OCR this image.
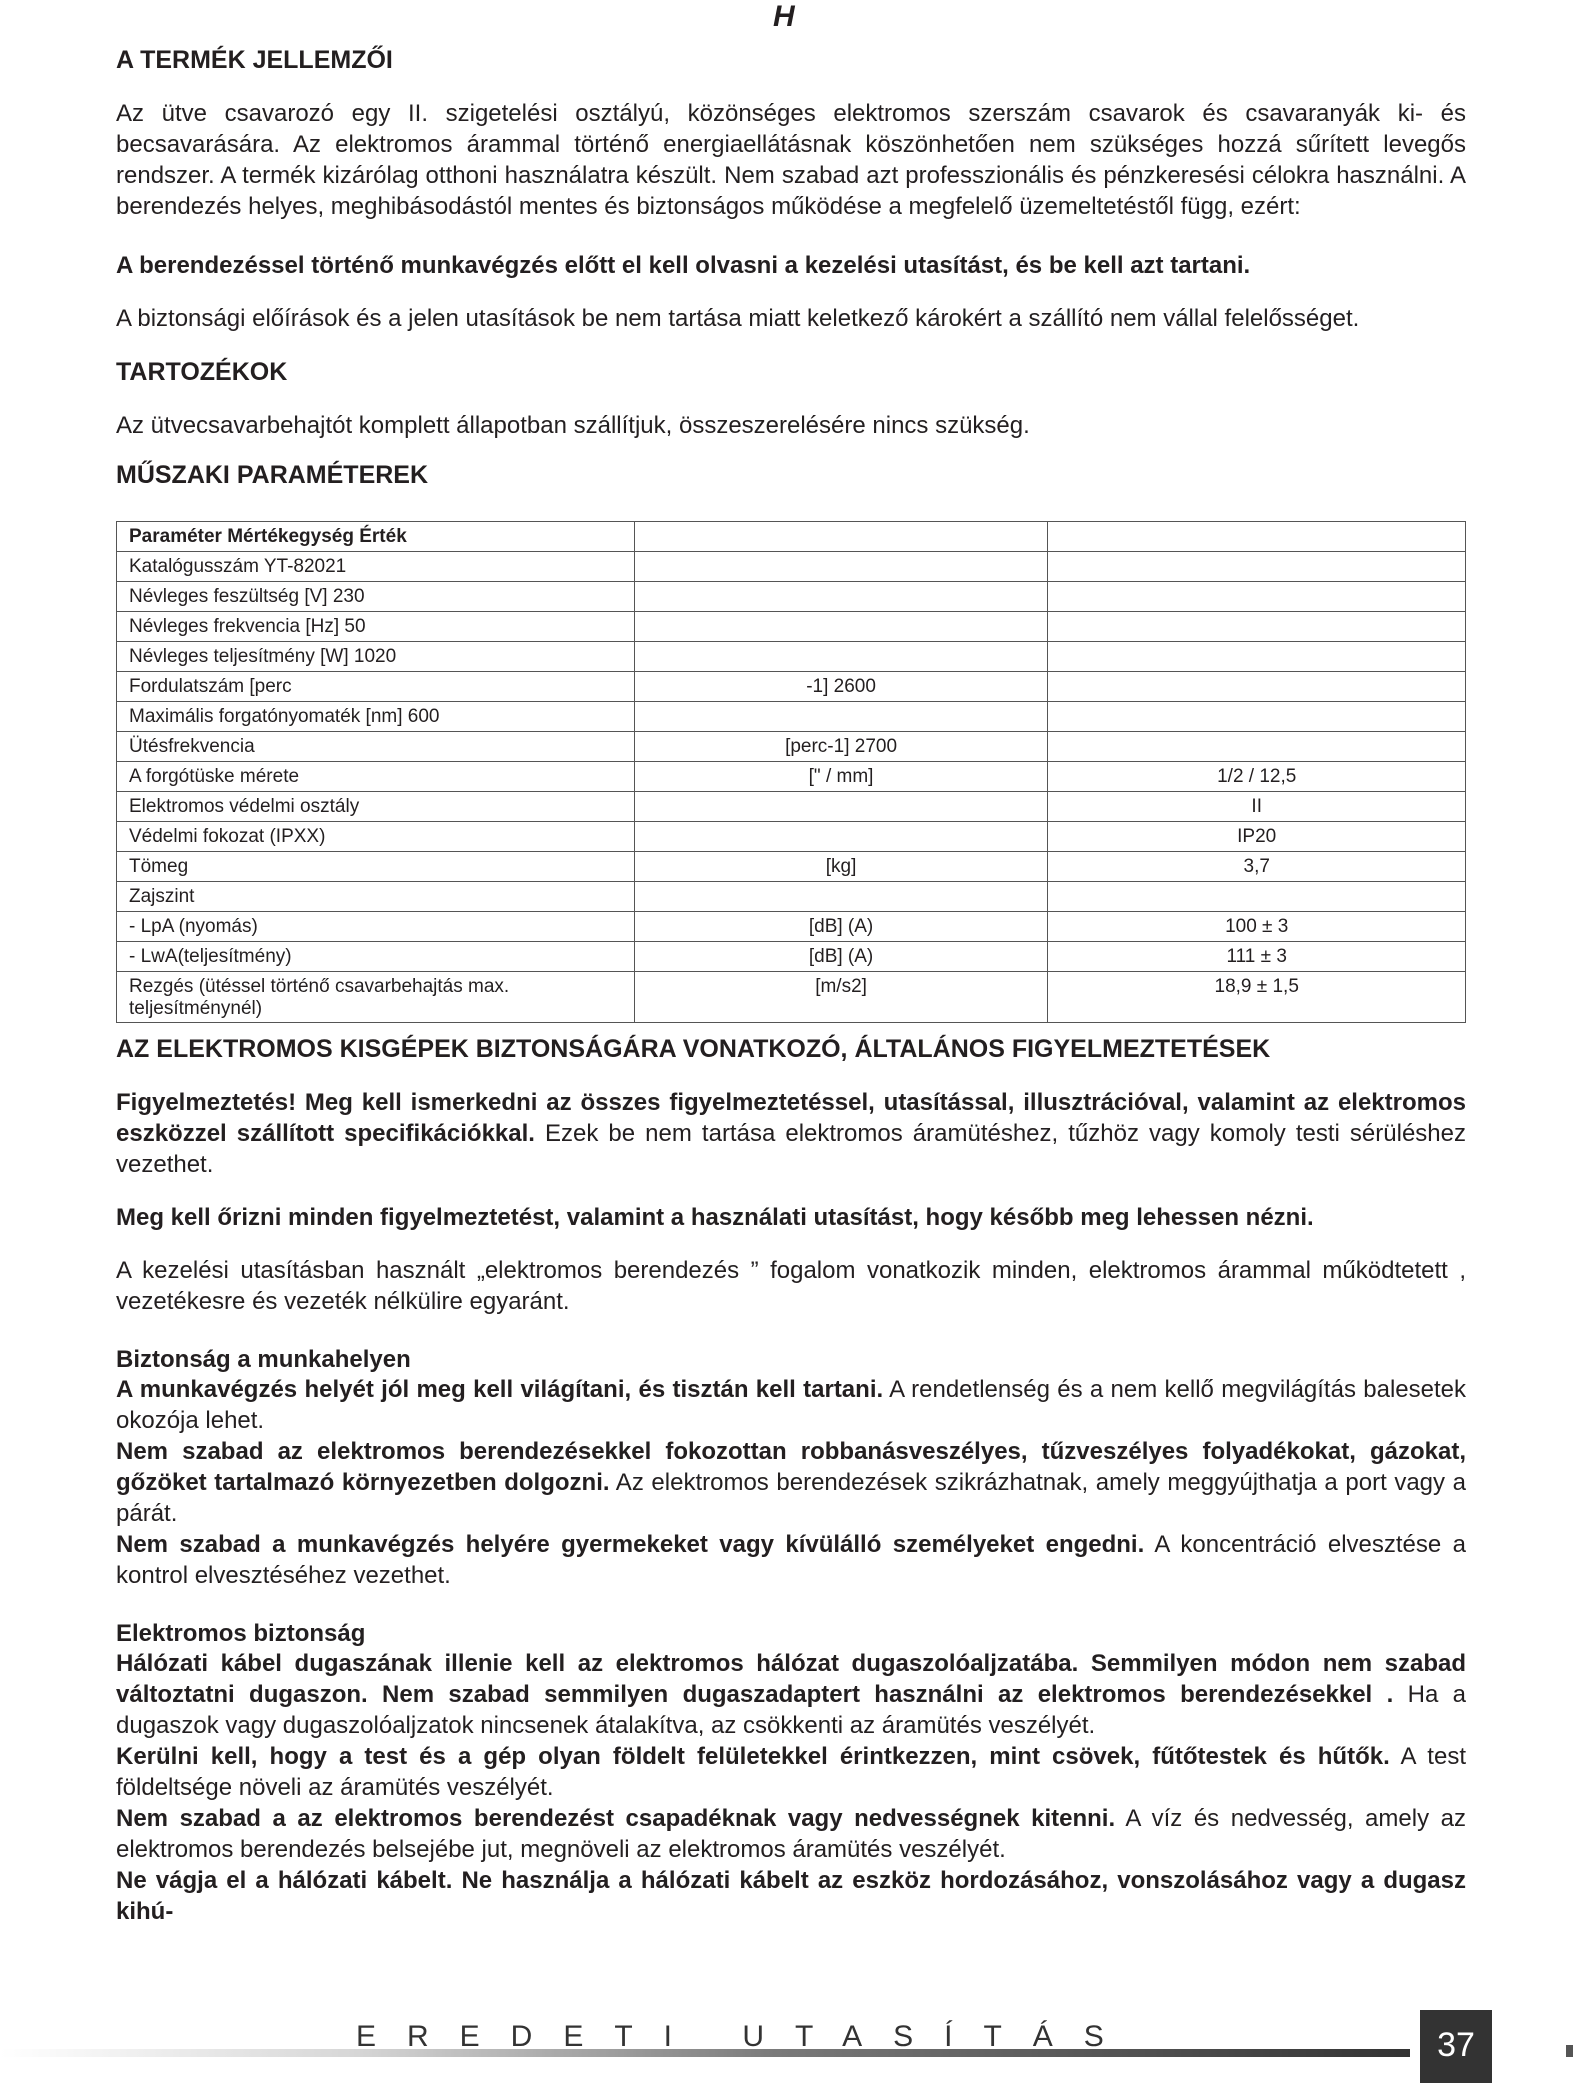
H
A TERMÉK JELLEMZŐI

Az ütve csavarozó egy II. szigetelési osztályú, közönséges elektromos szerszám csavarok és csavaranyák ki- és becsavarására. Az elektromos árammal történő energiaellátásnak köszönhetően nem szükséges hozzá sűrített levegős rendszer. A termék kizárólag otthoni használatra készült. Nem szabad azt professzionális és pénzkeresési célokra használni. A berendezés helyes, meghibásodástól mentes és biztonságos működése a megfelelő üzemeltetéstől függ, ezért:

A berendezéssel történő munkavégzés előtt el kell olvasni a kezelési utasítást, és be kell azt tartani.

A biztonsági előírások és a jelen utasítások be nem tartása miatt keletkező károkért a szállító nem vállal felelősséget.

TARTOZÉKOK

Az ütvecsavarbehajtót komplett állapotban szállítjuk, összeszerelésére nincs szükség.

MŰSZAKI PARAMÉTEREK
Paraméter Mértékegység Érték		
Katalógusszám YT-82021		
Névleges feszültség [V] 230		
Névleges frekvencia [Hz] 50		
Névleges teljesítmény [W] 1020		
Fordulatszám [perc	-1] 2600	
Maximális forgatónyomaték [nm] 600		
Ütésfrekvencia	[perc-1] 2700	
A forgótüske mérete	[" / mm]	1/2 / 12,5
Elektromos védelmi osztály		II
Védelmi fokozat (IPXX)		IP20
Tömeg	[kg]	3,7
Zajszint		
- LpA (nyomás)	[dB] (A)	100 ± 3
- LwA(teljesítmény)	[dB] (A)	111 ± 3
Rezgés (ütéssel történő csavarbehajtás max. teljesítménynél)	[m/s2]	18,9 ± 1,5
AZ ELEKTROMOS KISGÉPEK BIZTONSÁGÁRA VONATKOZÓ, ÁLTALÁNOS FIGYELMEZTETÉSEK

Figyelmeztetés! Meg kell ismerkedni az összes figyelmeztetéssel, utasítással, illusztrációval, valamint az elektromos eszközzel szállított specifikációkkal. Ezek be nem tartása elektromos áramütéshez, tűzhöz vagy komoly testi sérüléshez vezethet.

Meg kell őrizni minden figyelmeztetést, valamint a használati utasítást, hogy később meg lehessen nézni.

A kezelési utasításban használt „elektromos berendezés ” fogalom vonatkozik minden, elektromos árammal működtetett , vezetékesre és vezeték nélkülire egyaránt.

Biztonság a munkahelyen

A munkavégzés helyét jól meg kell világítani, és tisztán kell tartani. A rendetlenség és a nem kellő megvilágítás balesetek okozója lehet.

Nem szabad az elektromos berendezésekkel fokozottan robbanásveszélyes, tűzveszélyes folyadékokat, gázokat, gőzöket tartalmazó környezetben dolgozni. Az elektromos berendezések szikrázhatnak, amely meggyújthatja a port vagy a párát.

Nem szabad a munkavégzés helyére gyermekeket vagy kívülálló személyeket engedni. A koncentráció elvesztése a kontrol elvesztéséhez vezethet.

Elektromos biztonság

Hálózati kábel dugaszának illenie kell az elektromos hálózat dugaszolóaljzatába. Semmilyen módon nem szabad változtatni dugaszon. Nem szabad semmilyen dugaszadaptert használni az elektromos berendezésekkel . Ha a dugaszok vagy dugaszolóaljzatok nincsenek átalakítva, az csökkenti az áramütés veszélyét.

Kerülni kell, hogy a test és a gép olyan földelt felületekkel érintkezzen, mint csövek, fűtőtestek és hűtők. A test földeltsége növeli az áramütés veszélyét.

Nem szabad a az elektromos berendezést csapadéknak vagy nedvességnek kitenni. A víz és nedvesség, amely az elektromos berendezés belsejébe jut, megnöveli az elektromos áramütés veszélyét.

Ne vágja el a hálózati kábelt. Ne használja a hálózati kábelt az eszköz hordozásához, vonszolásához vagy a dugasz kihú-

EREDETI UTASÍTÁS	37
